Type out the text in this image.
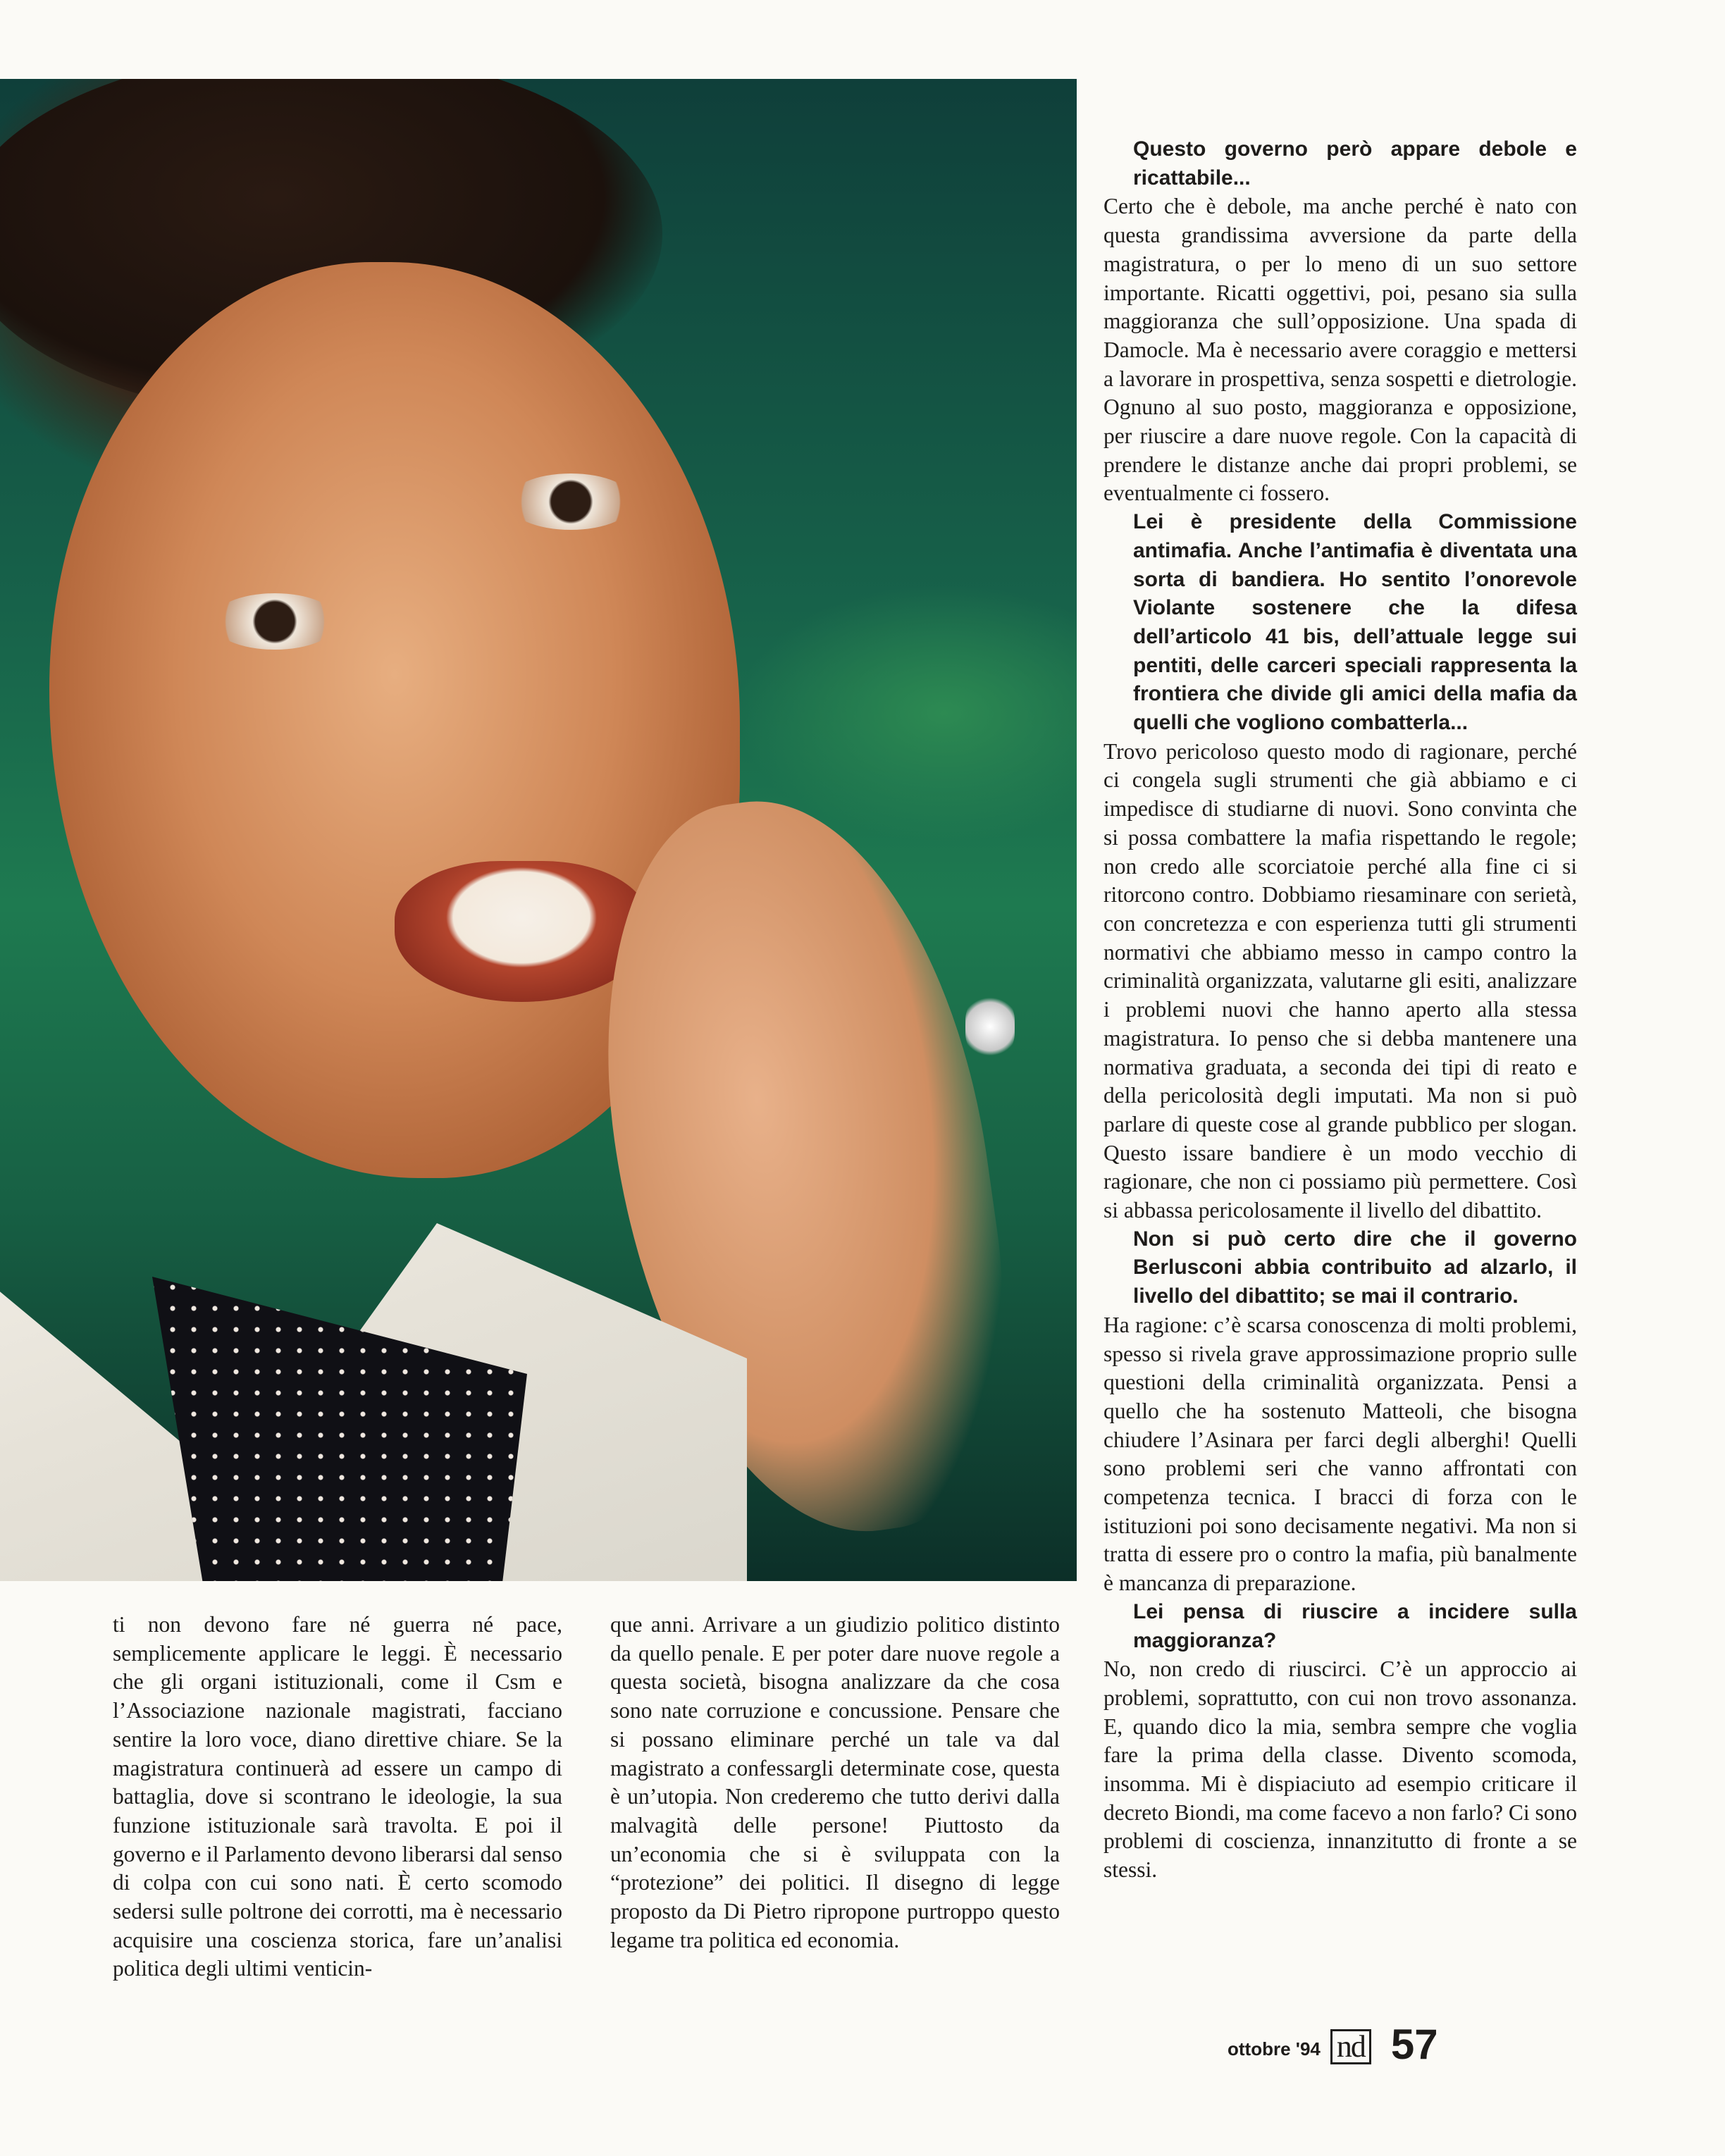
Questo governo però appare debole e ricattabile...

Certo che è debole, ma anche perché è nato con questa grandissima avversione da parte della magistratura, o per lo meno di un suo settore importante. Ricatti oggettivi, poi, pesano sia sulla maggioranza che sull’opposizione. Una spada di Damocle. Ma è necessario avere coraggio e mettersi a lavorare in prospettiva, senza sospetti e dietrologie. Ognuno al suo posto, maggioranza e opposizione, per riuscire a dare nuove regole. Con la capacità di prendere le distanze anche dai propri problemi, se eventualmente ci fossero.

Lei è presidente della Commissione antimafia. Anche l’antimafia è diventata una sorta di bandiera. Ho sentito l’onorevole Violante sostenere che la difesa dell’articolo 41 bis, dell’attuale legge sui pentiti, delle carceri speciali rappresenta la frontiera che divide gli amici della mafia da quelli che vogliono combatterla...

Trovo pericoloso questo modo di ragionare, perché ci congela sugli strumenti che già abbiamo e ci impedisce di studiarne di nuovi. Sono convinta che si possa combattere la mafia rispettando le regole; non credo alle scorciatoie perché alla fine ci si ritorcono contro. Dobbiamo riesaminare con serietà, con concretezza e con esperienza tutti gli strumenti normativi che abbiamo messo in campo contro la criminalità organizzata, valutarne gli esiti, analizzare i problemi nuovi che hanno aperto alla stessa magistratura. Io penso che si debba mantenere una normativa graduata, a seconda dei tipi di reato e della pericolosità degli imputati. Ma non si può parlare di queste cose al grande pubblico per slogan. Questo issare bandiere è un modo vecchio di ragionare, che non ci possiamo più permettere. Così si abbassa pericolosamente il livello del dibattito.

Non si può certo dire che il governo Berlusconi abbia contribuito ad alzarlo, il livello del dibattito; se mai il contrario.

Ha ragione: c’è scarsa conoscenza di molti problemi, spesso si rivela grave approssimazione proprio sulle questioni della criminalità organizzata. Pensi a quello che ha sostenuto Matteoli, che bisogna chiudere l’Asinara per farci degli alberghi! Quelli sono problemi seri che vanno affrontati con competenza tecnica. I bracci di forza con le istituzioni poi sono decisamente negativi. Ma non si tratta di essere pro o contro la mafia, più banalmente è mancanza di preparazione.

Lei pensa di riuscire a incidere sulla maggioranza?

No, non credo di riuscirci. C’è un approccio ai problemi, soprattutto, con cui non trovo assonanza. E, quando dico la mia, sembra sempre che voglia fare la prima della classe. Divento scomoda, insomma. Mi è dispiaciuto ad esempio criticare il decreto Biondi, ma come facevo a non farlo? Ci sono problemi di coscienza, innanzitutto di fronte a se stessi.

ti non devono fare né guerra né pace, semplicemente applicare le leggi. È necessario che gli organi istituzionali, come il Csm e l’Associazione nazionale magistrati, facciano sentire la loro voce, diano direttive chiare. Se la magistratura continuerà ad essere un campo di battaglia, dove si scontrano le ideologie, la sua funzione istituzionale sarà travolta. E poi il governo e il Parlamento devono liberarsi dal senso di colpa con cui sono nati. È certo scomodo sedersi sulle poltrone dei corrotti, ma è necessario acquisire una coscienza storica, fare un’analisi politica degli ultimi venticin-

que anni. Arrivare a un giudizio politico distinto da quello penale. E per poter dare nuove regole a questa società, bisogna analizzare da che cosa sono nate corruzione e concussione. Pensare che si possano eliminare perché un tale va dal magistrato a confessargli determinate cose, questa è un’utopia. Non crederemo che tutto derivi dalla malvagità delle persone! Piuttosto da un’economia che si è sviluppata con la “protezione” dei politici. Il disegno di legge proposto da Di Pietro ripropone purtroppo questo legame tra politica ed economia.

ottobre '94 nd 57
